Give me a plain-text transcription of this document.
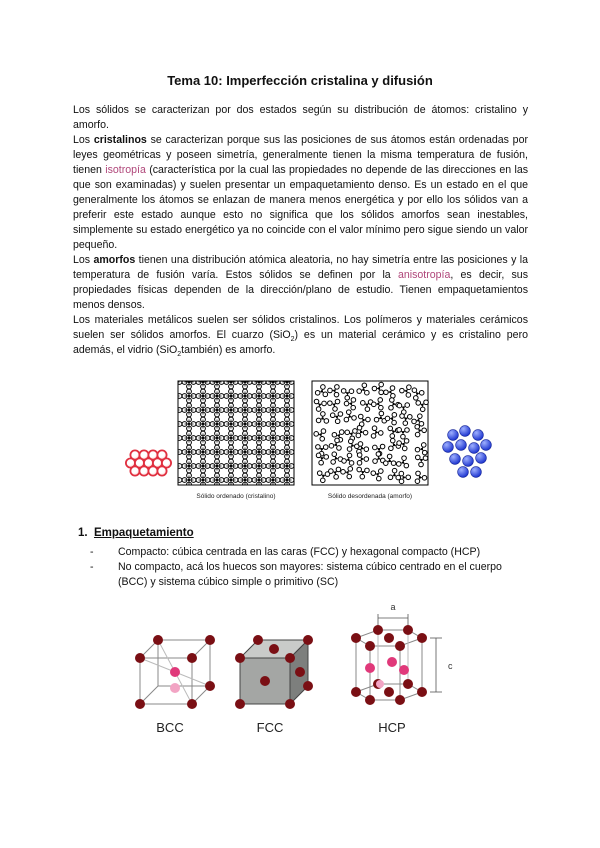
Tema 10: Imperfección cristalina y difusión

Los sólidos se caracterizan por dos estados según su distribución de átomos: cristalino y amorfo.

Los cristalinos se caracterizan porque sus las posiciones de sus átomos están ordenadas por leyes geométricas y poseen simetría, generalmente tienen la misma temperatura de fusión, tienen isotropía (característica por la cual las propiedades no depende de las direcciones en las que son examinadas) y suelen presentar un empaquetamiento denso. Es un estado en el que generalmente los átomos se enlazan de manera menos energética y por ello los sólidos van a preferir este estado aunque esto no significa que los sólidos amorfos sean inestables, simplemente su estado energético ya no coincide con el valor mínimo pero sigue siendo un valor pequeño.

Los amorfos tienen una distribución atómica aleatoria, no hay simetría entre las posiciones y la temperatura de fusión varía. Estos sólidos se definen por la anisotropía, es decir, sus propiedades físicas dependen de la dirección/plano de estudio. Tienen empaquetamientos menos densos.

Los materiales metálicos suelen ser sólidos cristalinos. Los polímeros y materiales cerámicos suelen ser sólidos amorfos. El cuarzo (SiO$_2$) es un material cerámico y es cristalino pero además, el vidrio (SiO$_2$también) es amorfo.

Sólido ordenado (cristalino)	Sólido desordenada (amorfo)
1. Empaquetamiento
- Compacto: cúbica centrada en las caras (FCC) y hexagonal compacto (HCP)
- No compacto, acá los huecos son mayores: sistema cúbico centrado en el cuerpo (BCC) y sistema cúbico simple o primitivo (SC)
BCC	FCC
a
c
HCP
